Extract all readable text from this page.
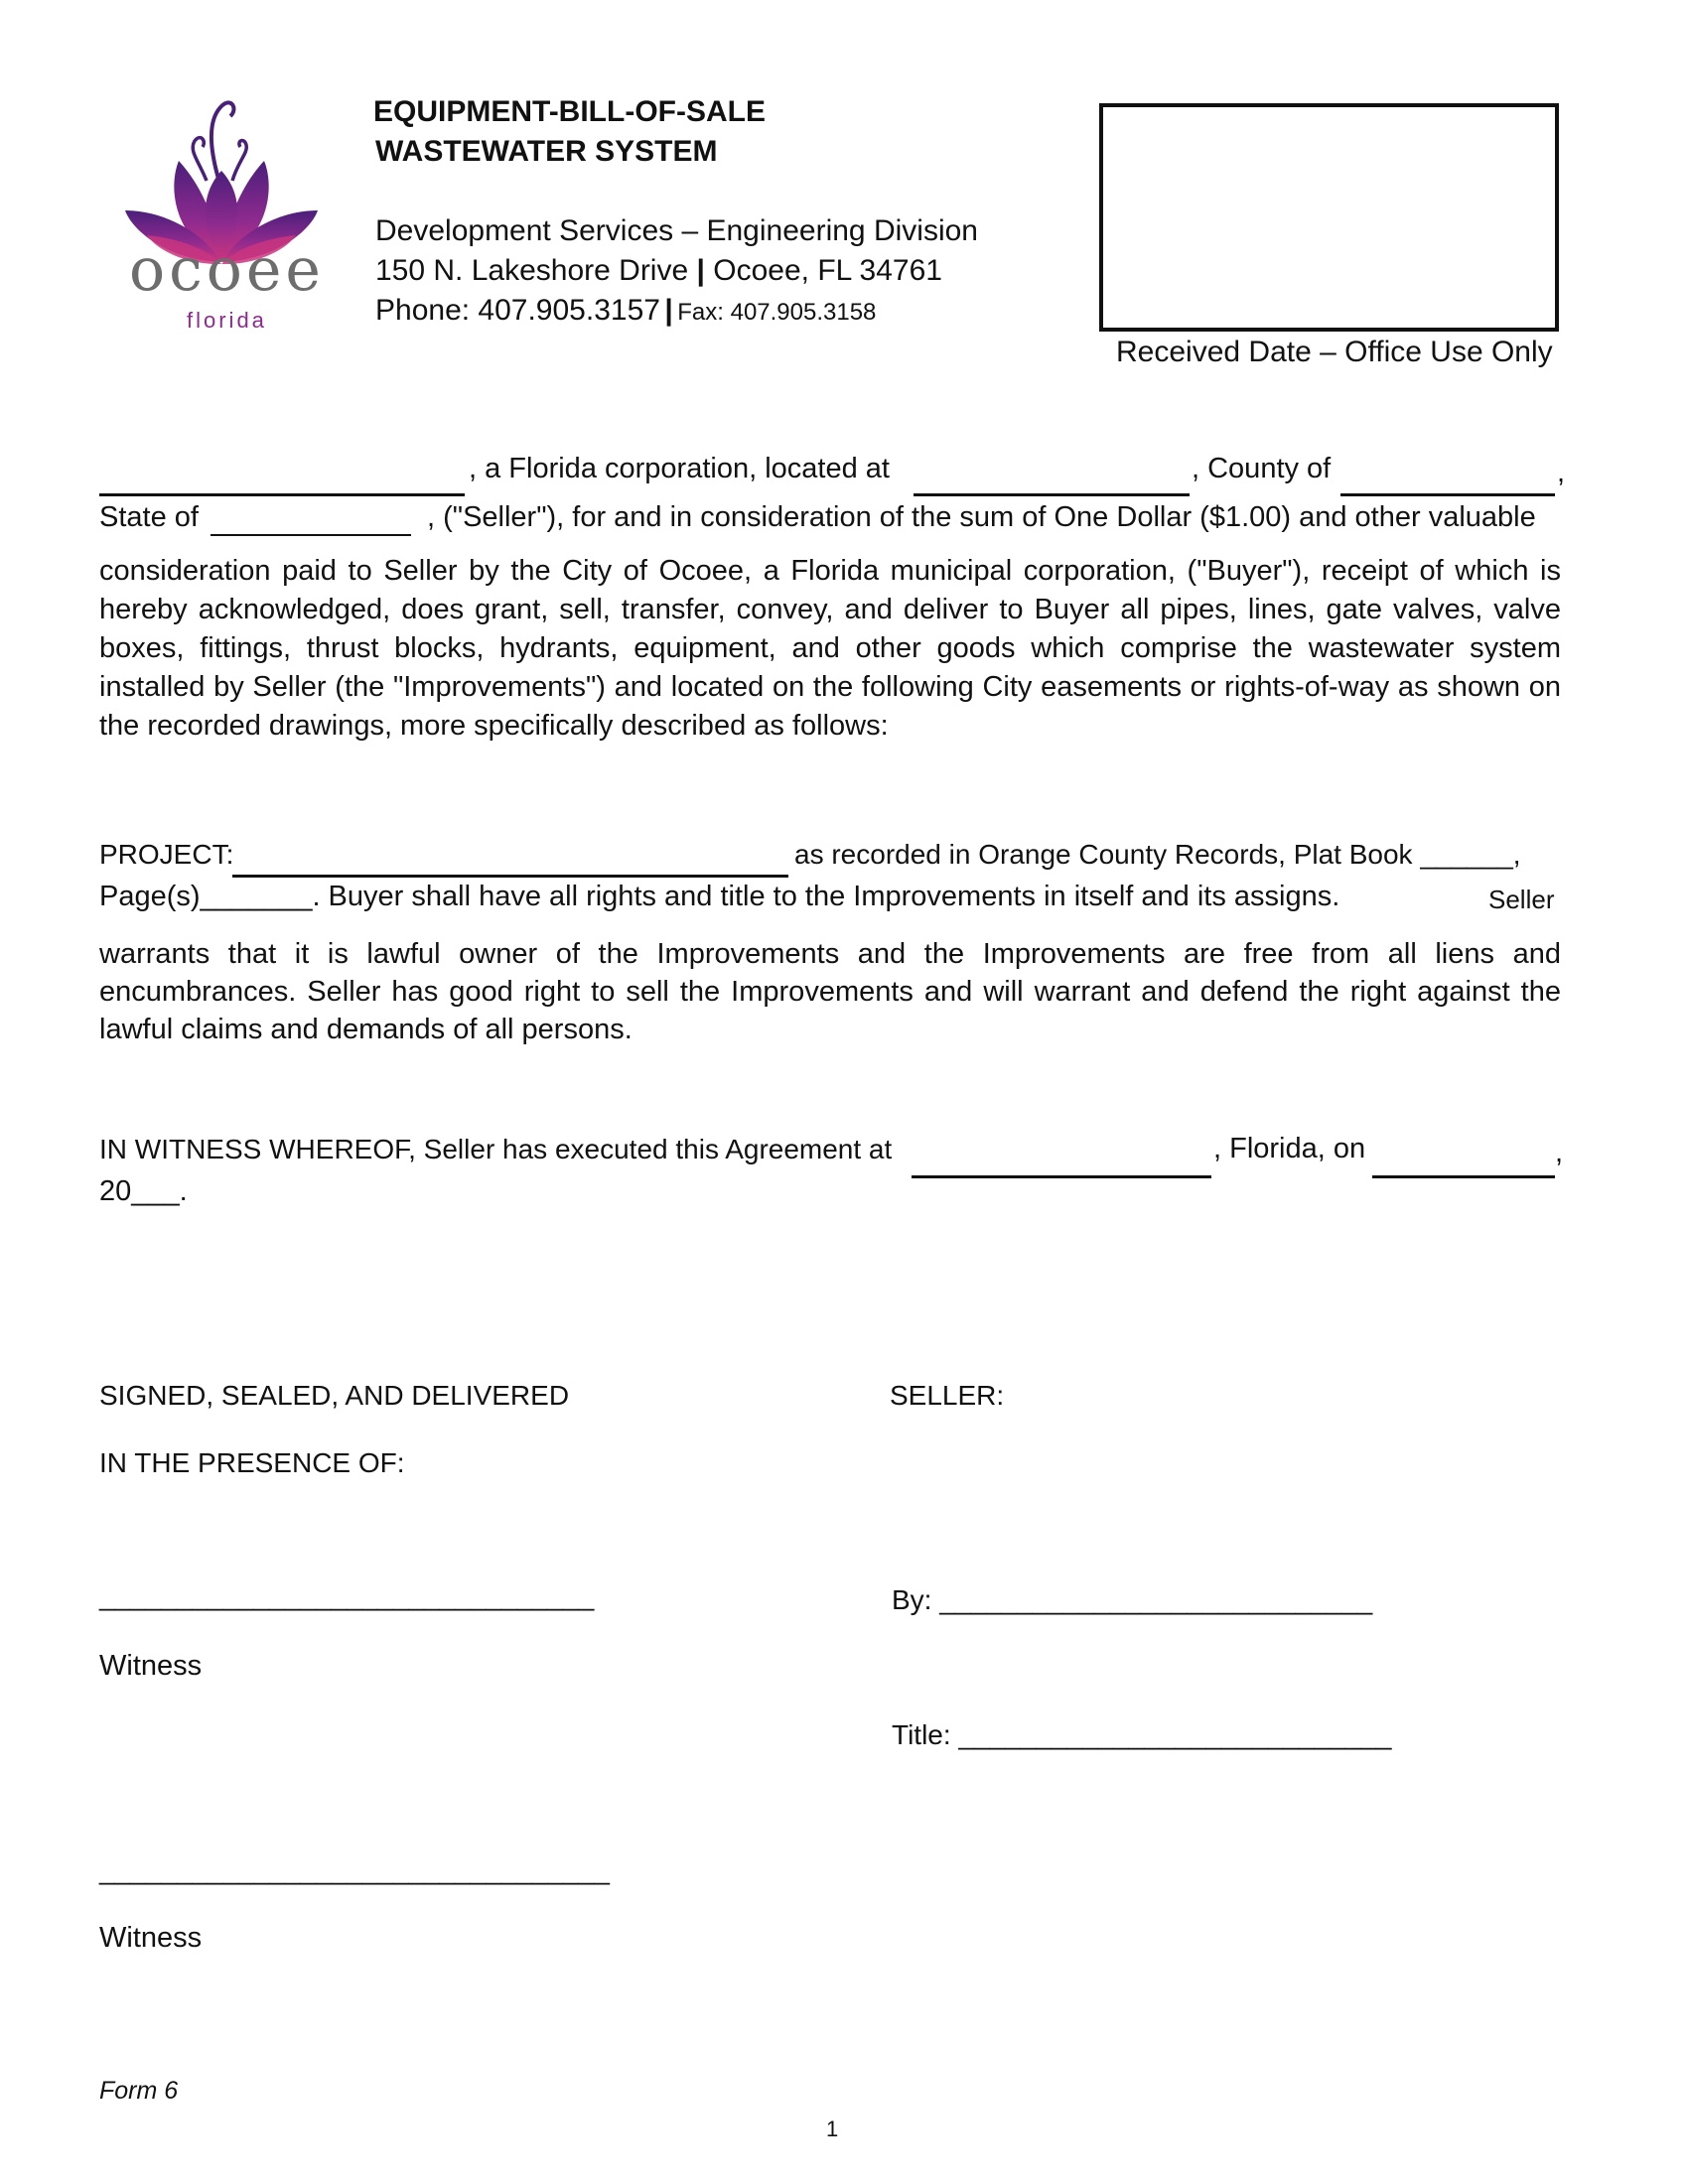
ocoee
florida
EQUIPMENT-BILL-OF-SALE
WASTEWATER SYSTEM
Development Services – Engineering Division
150 N. Lakeshore Drive | Ocoee, FL 34761
Phone: 407.905.3157 | Fax: 407.905.3158
Received Date – Office Use Only
, a Florida corporation, located at	, County of	,
State of	, ("Seller"), for and in consideration of the sum of One Dollar ($1.00) and other valuable
consideration paid to Seller by the City of Ocoee, a Florida municipal corporation, ("Buyer"), receipt of which is hereby acknowledged, does grant, sell, transfer, convey, and deliver to Buyer all pipes, lines, gate valves, valve boxes, fittings, thrust blocks, hydrants, equipment, and other goods which comprise the wastewater system installed by Seller (the "Improvements") and located on the following City easements or rights-of-way as shown on the recorded drawings, more specifically described as follows:
PROJECT:	as recorded in Orange County Records, Plat Book ______,
Page(s)_______. Buyer shall have all rights and title to the Improvements in itself and its assigns.	Seller
warrants that it is lawful owner of the Improvements and the Improvements are free from all liens and encumbrances. Seller has good right to sell the Improvements and will warrant and defend the right against the lawful claims and demands of all persons.
IN WITNESS WHEREOF, Seller has executed this Agreement at	, Florida, on	,
20___.
SIGNED, SEALED, AND DELIVERED	SELLER:
IN THE PRESENCE OF:
________________________________	By: ____________________________
Witness
Title: ____________________________
_________________________________
Witness
Form 6
1
